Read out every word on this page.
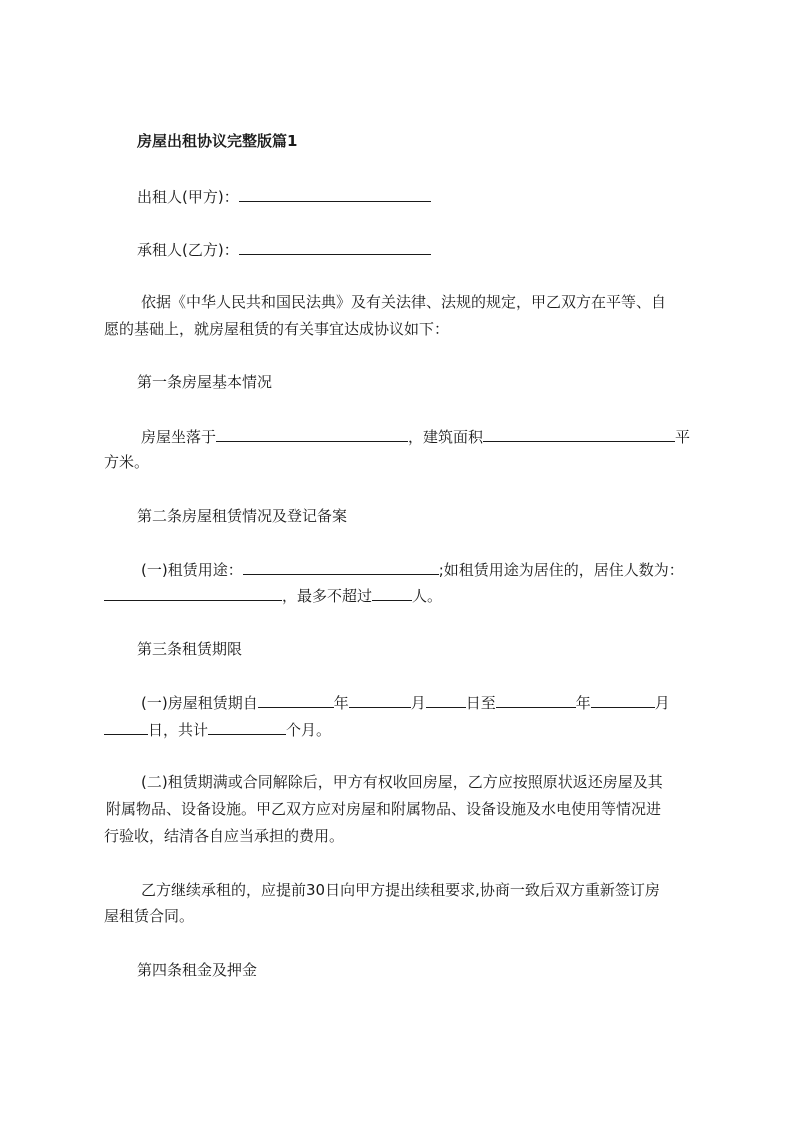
房屋出租协议完整版篇1
出租人(甲方)：
承租人(乙方)：
依据《中华人民共和国民法典》及有关法律、法规的规定，甲乙双方在平等、自
愿的基础上，就房屋租赁的有关事宜达成协议如下：
第一条房屋基本情况
房屋坐落于	，建筑面积	平
方米。
第二条房屋租赁情况及登记备案
(一)租赁用途：	;如租赁用途为居住的，居住人数为：
，最多不超过	人。
第三条租赁期限
(一)房屋租赁期自	年	月	日至	年	月
日，共计	个月。
(二)租赁期满或合同解除后，甲方有权收回房屋，乙方应按照原状返还房屋及其
附属物品、设备设施。甲乙双方应对房屋和附属物品、设备设施及水电使用等情况进
行验收，结清各自应当承担的费用。
乙方继续承租的，应提前30日向甲方提出续租要求,协商一致后双方重新签订房
屋租赁合同。
第四条租金及押金
